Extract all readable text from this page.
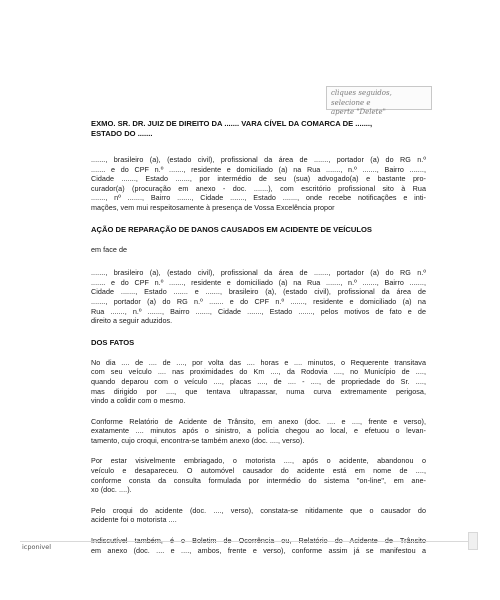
cliques seguidos, selecione e
aperte "Delete"
EXMO. SR. DR. JUIZ DE DIREITO DA ....... VARA CÍVEL DA COMARCA DE .......,
ESTADO DO .......
......., brasileiro (a), (estado civil), profissional da área de ......., portador (a) do RG n.º
....... e do CPF n.º ......., residente e domiciliado (a) na Rua ......., n.º ......., Bairro .......,
Cidade ......., Estado ......., por intermédio de seu (sua) advogado(a) e bastante pro-
curador(a) (procuração em anexo - doc. .......), com escritório profissional sito à Rua
......., nº ......., Bairro ......., Cidade ......., Estado ......., onde recebe notificações e inti-
mações, vem mui respeitosamente à presença de Vossa Excelência propor
AÇÃO DE REPARAÇÃO DE DANOS CAUSADOS EM ACIDENTE DE VEÍCULOS
em face de
......., brasileiro (a), (estado civil), profissional da área de ......., portador (a) do RG n.º
....... e do CPF n.º ......., residente e domiciliado (a) na Rua ......., n.º ......., Bairro .......,
Cidade ......., Estado ....... e ......., brasileiro (a), (estado civil), profissional da área de
......., portador (a) do RG n.º ....... e do CPF n.º ......., residente e domiciliado (a) na
Rua ......., n.º ......., Bairro ......., Cidade ......., Estado ......., pelos motivos de fato e de
direito a seguir aduzidos.
DOS FATOS
No dia .... de .... de ...., por volta das .... horas e .... minutos, o Requerente transitava
com seu veículo .... nas proximidades do Km ...., da Rodovia ...., no Município de ....,
quando deparou com o veículo ...., placas ...., de .... - ...., de propriedade do Sr. ....,
mas dirigido por ...., que tentava ultrapassar, numa curva extremamente perigosa,
vindo a colidir com o mesmo.
Conforme Relatório de Acidente de Trânsito, em anexo (doc. .... e ...., frente e verso),
exatamente .... minutos após o sinistro, a polícia chegou ao local, e efetuou o levan-
tamento, cujo croqui, encontra-se também anexo (doc. ...., verso).
Por estar visivelmente embriagado, o motorista ...., após o acidente, abandonou o
veículo e desapareceu. O automóvel causador do acidente está em nome de ....,
conforme consta da consulta formulada por intermédio do sistema "on-line", em ane-
xo (doc. ....).
Pelo croqui do acidente (doc. ...., verso), constata-se nitidamente que o causador do
acidente foi o motorista ....
em anexo (doc. .... e ...., ambos, frente e verso), conforme assim já se manifestou a
icponivel
